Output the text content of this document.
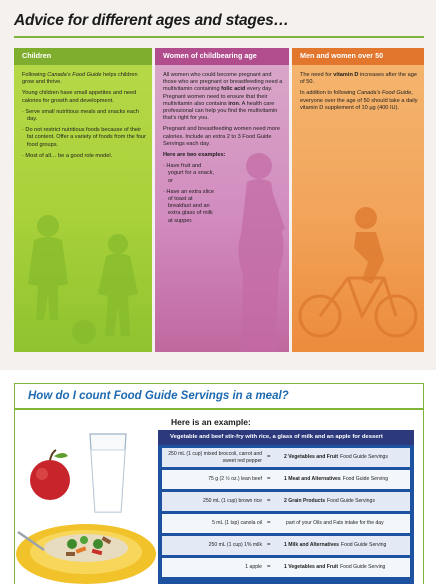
Advice for different ages and stages…
Children

Following Canada’s Food Guide helps children grow and thrive.

Young children have small appetites and need calories for growth and development.

· Serve small nutritious meals and snacks each day.
· Do not restrict nutritious foods because of their fat content. Offer a variety of foods from the four food groups.
· Most of all… be a good role model.
Women of childbearing age

All women who could become pregnant and those who are pregnant or breastfeeding need a multivitamin containing folic acid every day. Pregnant women need to ensure that their multivitamin also contains iron. A health care professional can help you find the multivitamin that’s right for you.

Pregnant and breastfeeding women need more calories. Include an extra 2 to 3 Food Guide Servings each day.

Here are two examples:

· Have fruit and yogurt for a snack, or
· Have an extra slice of toast at breakfast and an extra glass of milk at supper.
Men and women over 50

The need for vitamin D increases after the age of 50.

In addition to following Canada’s Food Guide, everyone over the age of 50 should take a daily vitamin D supplement of 10 µg (400 IU).

How do I count Food Guide Servings in a meal?
Here is an example:
Vegetable and beef stir-fry with rice, a glass of milk and an apple for dessert
250 mL (1 cup) mixed broccoli, carrot and sweet red pepper
=	2 Vegetables and Fruit Food Guide Servings
75 g (2 ½ oz.) lean beef =	1 Meat and Alternatives Food Guide Serving
250 mL (1 cup) brown rice =	2 Grain Products Food Guide Servings
5 mL (1 tsp) canola oil =	part of your Oils and Fats intake for the day
250 mL (1 cup) 1% milk =	1 Milk and Alternatives Food Guide Serving
1 apple =	1 Vegetables and Fruit Food Guide Serving
